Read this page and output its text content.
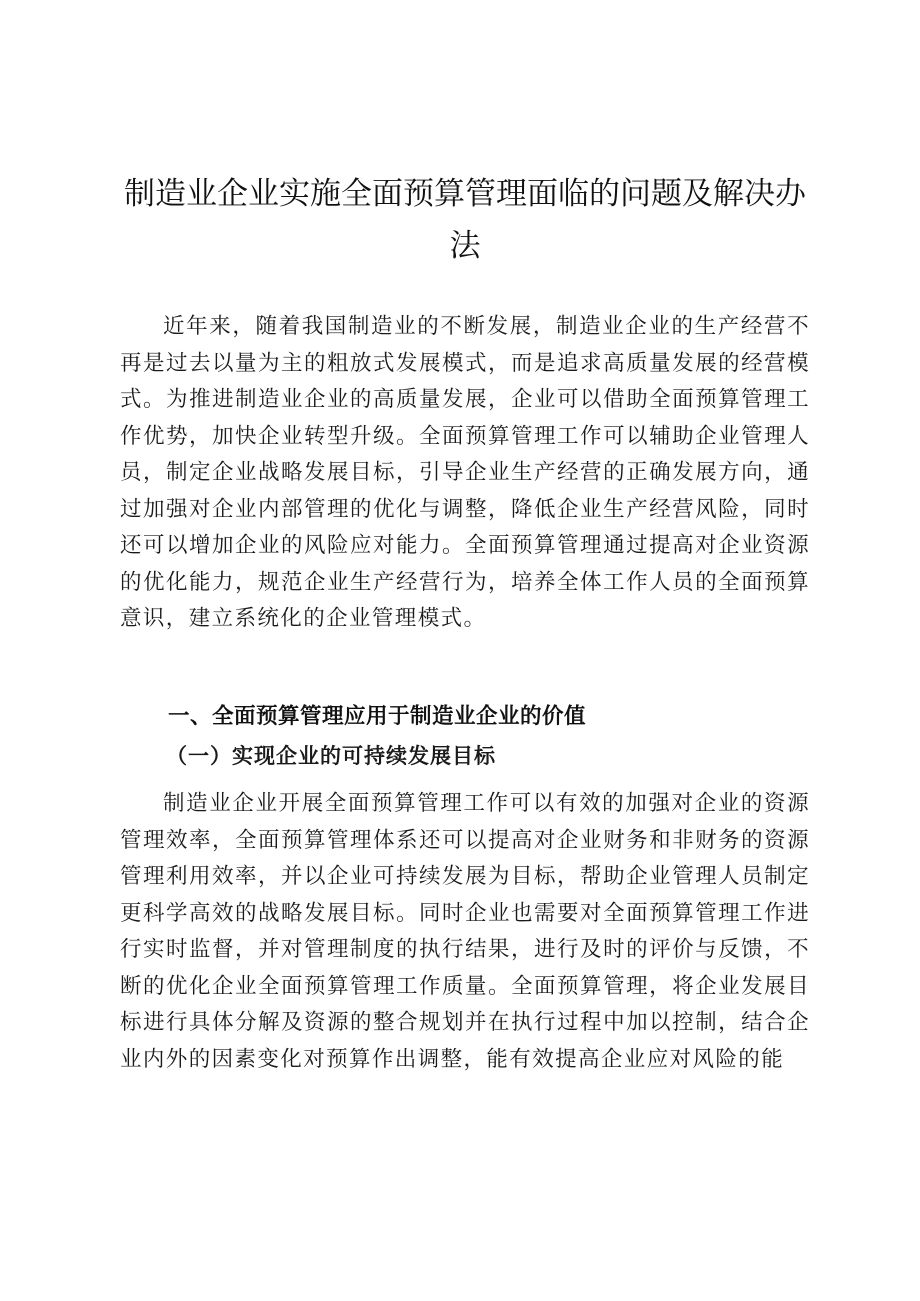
制造业企业实施全面预算管理面临的问题及解决办法

近年来，随着我国制造业的不断发展，制造业企业的生产经营不再是过去以量为主的粗放式发展模式，而是追求高质量发展的经营模式。为推进制造业企业的高质量发展，企业可以借助全面预算管理工作优势，加快企业转型升级。全面预算管理工作可以辅助企业管理人员，制定企业战略发展目标，引导企业生产经营的正确发展方向，通过加强对企业内部管理的优化与调整，降低企业生产经营风险，同时还可以增加企业的风险应对能力。全面预算管理通过提高对企业资源的优化能力，规范企业生产经营行为，培养全体工作人员的全面预算意识，建立系统化的企业管理模式。

一、全面预算管理应用于制造业企业的价值
（一）实现企业的可持续发展目标

制造业企业开展全面预算管理工作可以有效的加强对企业的资源管理效率，全面预算管理体系还可以提高对企业财务和非财务的资源管理利用效率，并以企业可持续发展为目标，帮助企业管理人员制定更科学高效的战略发展目标。同时企业也需要对全面预算管理工作进行实时监督，并对管理制度的执行结果，进行及时的评价与反馈，不断的优化企业全面预算管理工作质量。全面预算管理，将企业发展目标进行具体分解及资源的整合规划并在执行过程中加以控制，结合企业内外的因素变化对预算作出调整，能有效提高企业应对风险的能
